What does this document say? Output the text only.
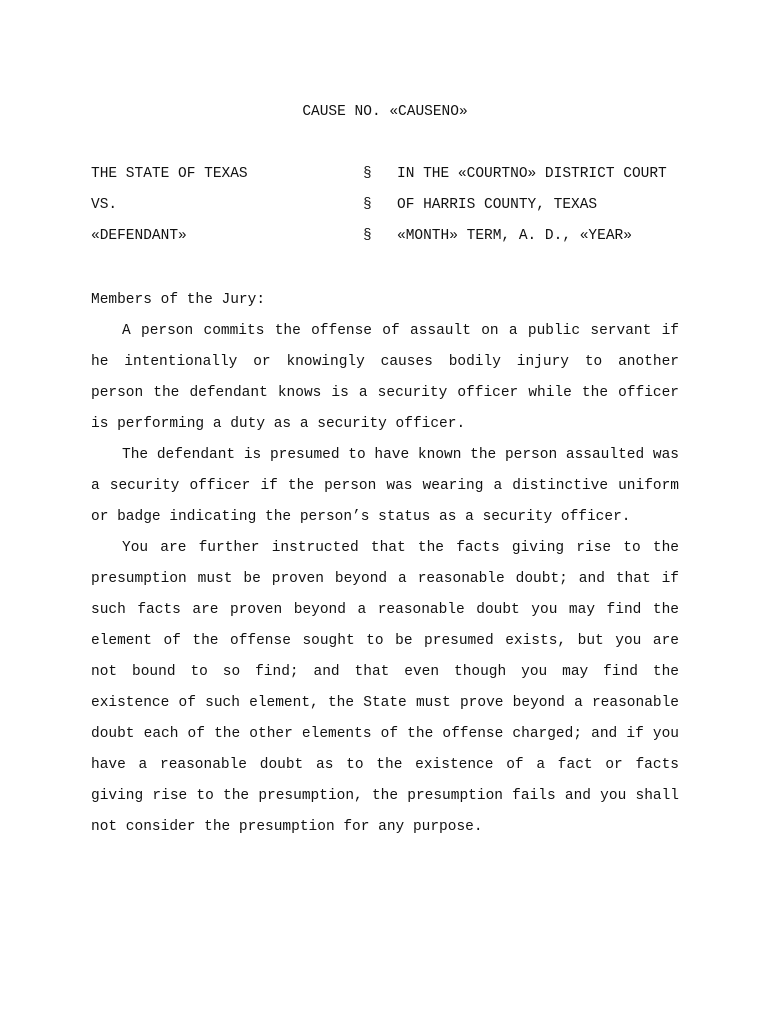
CAUSE NO. «CAUSENO»
THE STATE OF TEXAS	§ IN THE «COURTNO» DISTRICT COURT
VS.	§ OF HARRIS COUNTY, TEXAS
«DEFENDANT»	§ «MONTH» TERM, A. D., «YEAR»

Members of the Jury:

A person commits the offense of assault on a public servant if he intentionally or knowingly causes bodily injury to another person the defendant knows is a security officer while the officer is performing a duty as a security officer.

The defendant is presumed to have known the person assaulted was a security officer if the person was wearing a distinctive uniform or badge indicating the person’s status as a security officer.

You are further instructed that the facts giving rise to the presumption must be proven beyond a reasonable doubt; and that if such facts are proven beyond a reasonable doubt you may find the element of the offense sought to be presumed exists, but you are not bound to so find; and that even though you may find the existence of such element, the State must prove beyond a reasonable doubt each of the other elements of the offense charged; and if you have a reasonable doubt as to the existence of a fact or facts giving rise to the presumption, the presumption fails and you shall not consider the presumption for any purpose.
